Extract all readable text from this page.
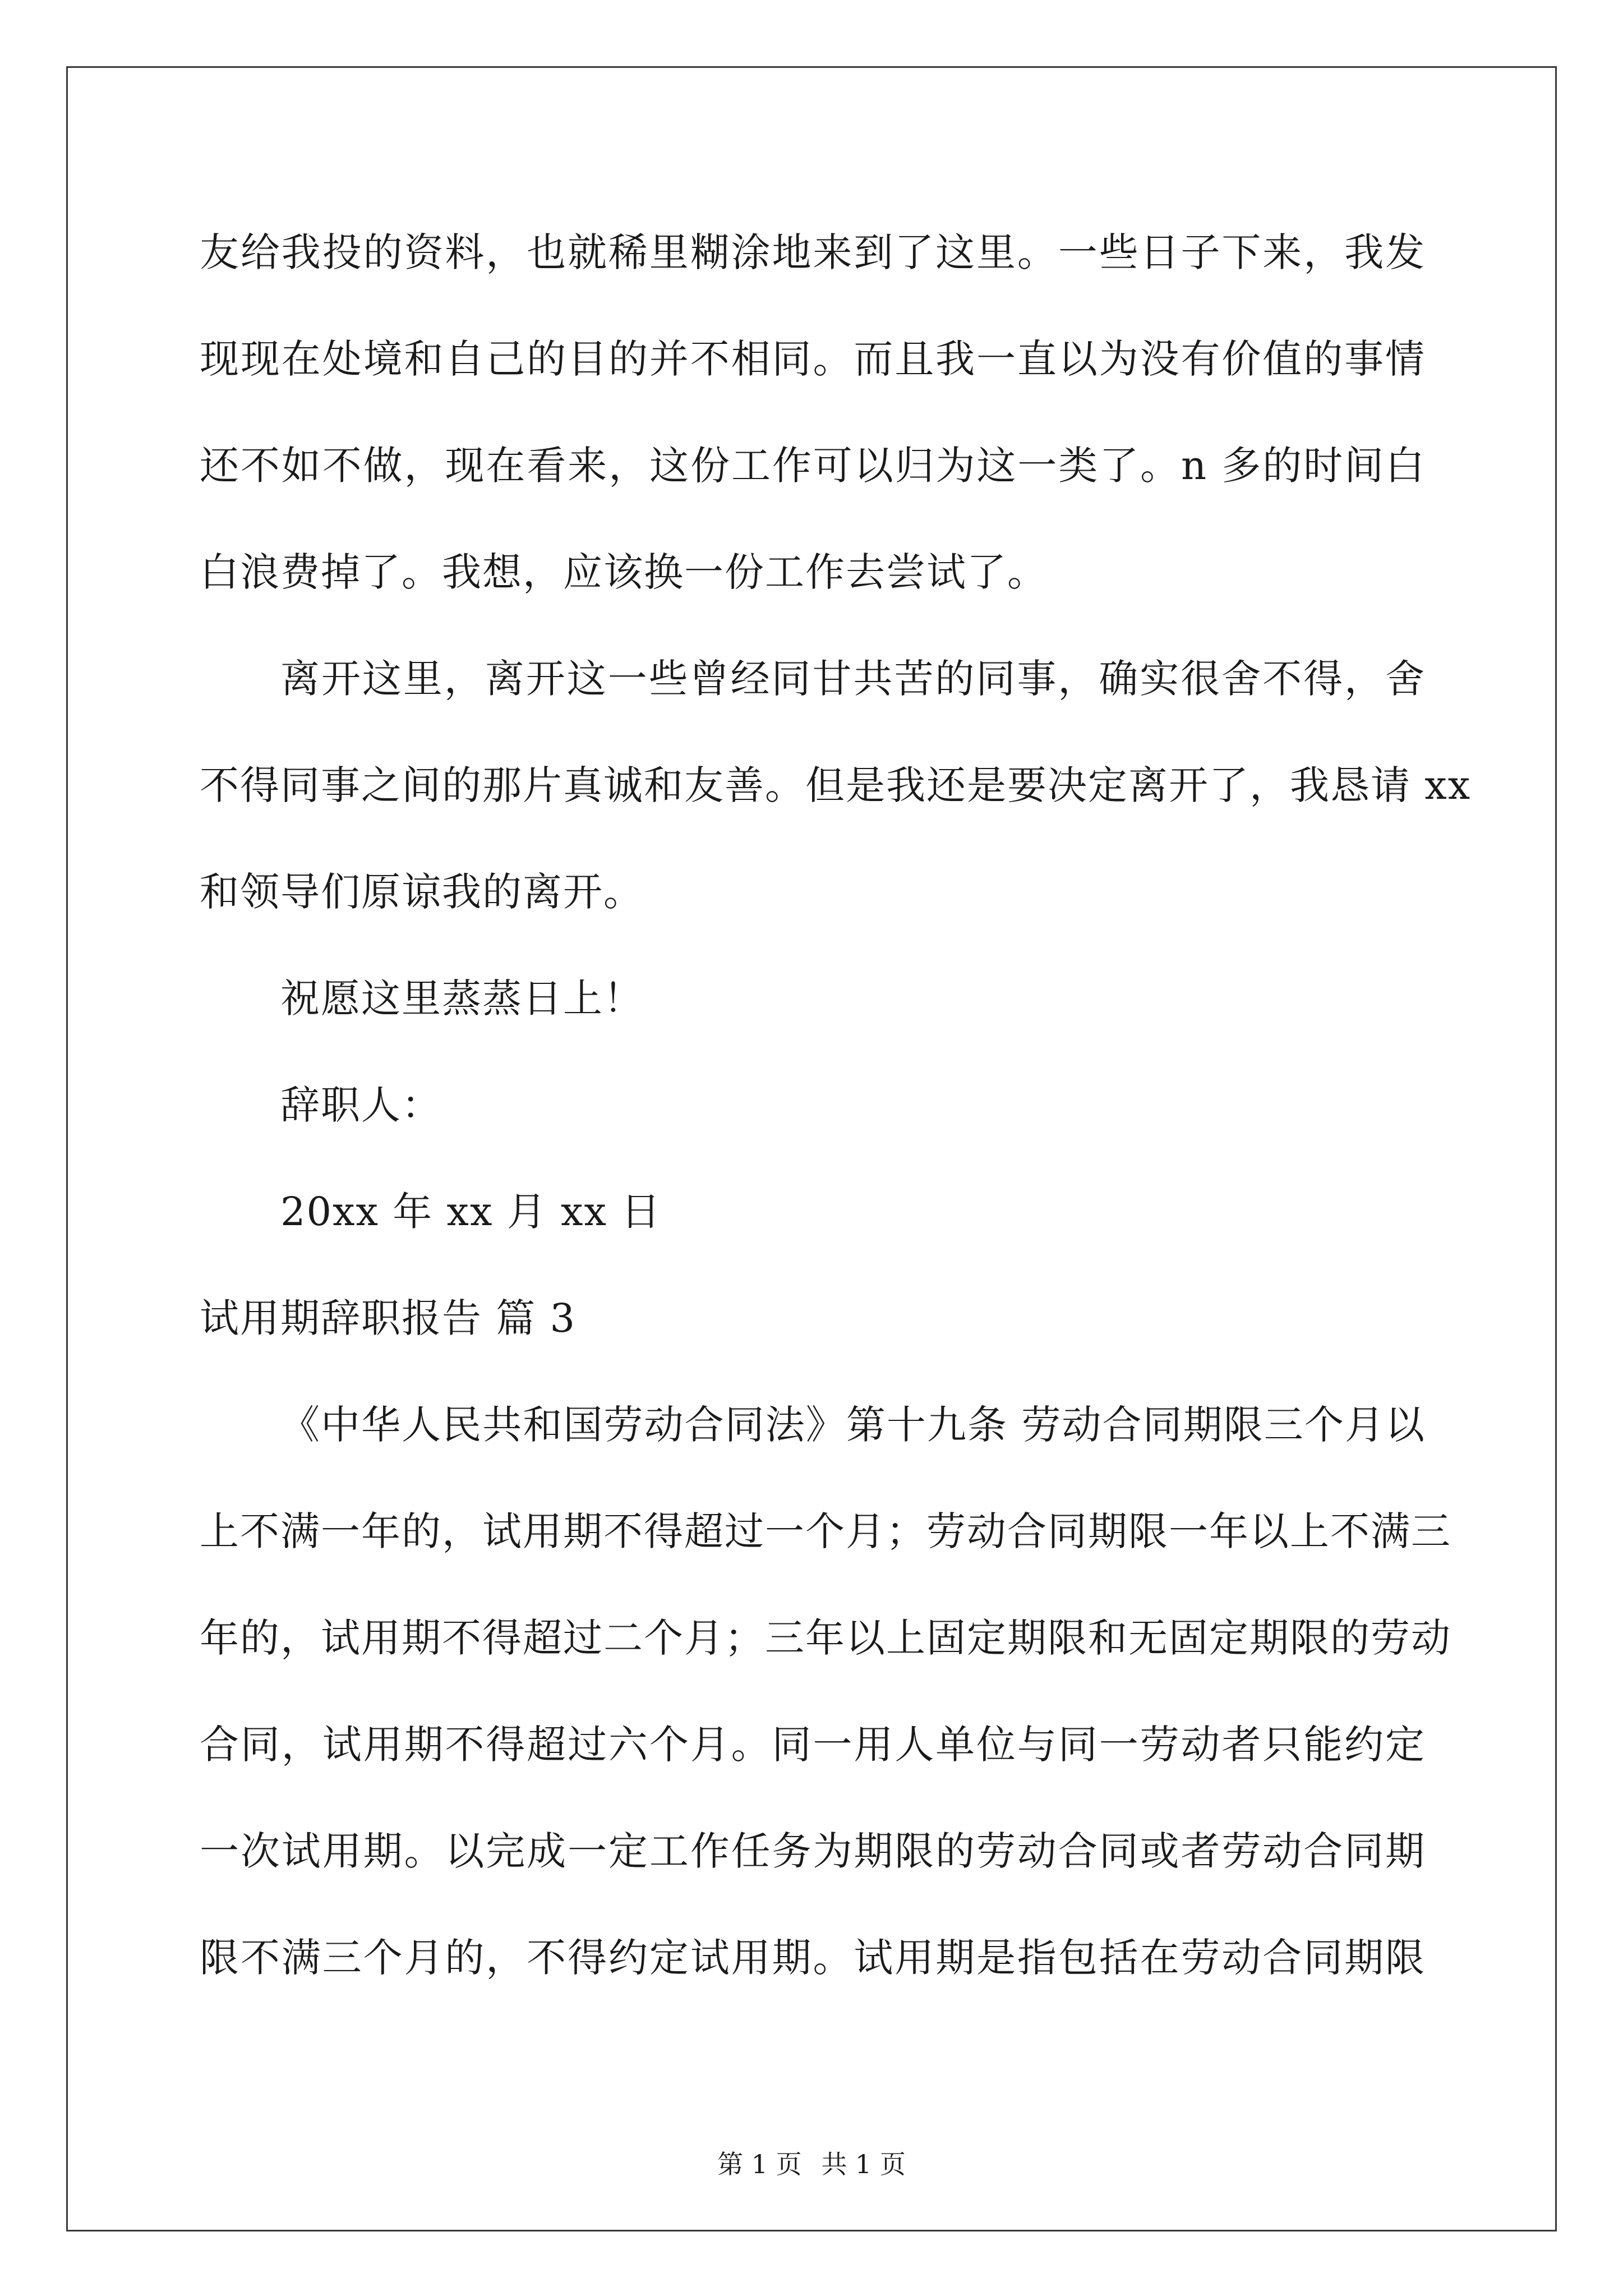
友给我投的资料，也就稀里糊涂地来到了这里。一些日子下来，我发
现现在处境和自己的目的并不相同。而且我一直以为没有价值的事情
还不如不做，现在看来，这份工作可以归为这一类了。n 多的时间白
白浪费掉了。我想，应该换一份工作去尝试了。
离开这里，离开这一些曾经同甘共苦的同事，确实很舍不得，舍
不得同事之间的那片真诚和友善。但是我还是要决定离开了，我恳请 xx
和领导们原谅我的离开。
祝愿这里蒸蒸日上！
辞职人：
20xx 年 xx 月 xx 日
试用期辞职报告 篇 3
《中华人民共和国劳动合同法》第十九条 劳动合同期限三个月以
上不满一年的，试用期不得超过一个月；劳动合同期限一年以上不满三
年的，试用期不得超过二个月；三年以上固定期限和无固定期限的劳动
合同，试用期不得超过六个月。同一用人单位与同一劳动者只能约定
一次试用期。以完成一定工作任务为期限的劳动合同或者劳动合同期
限不满三个月的，不得约定试用期。试用期是指包括在劳动合同期限
第 1 页 共 1 页
